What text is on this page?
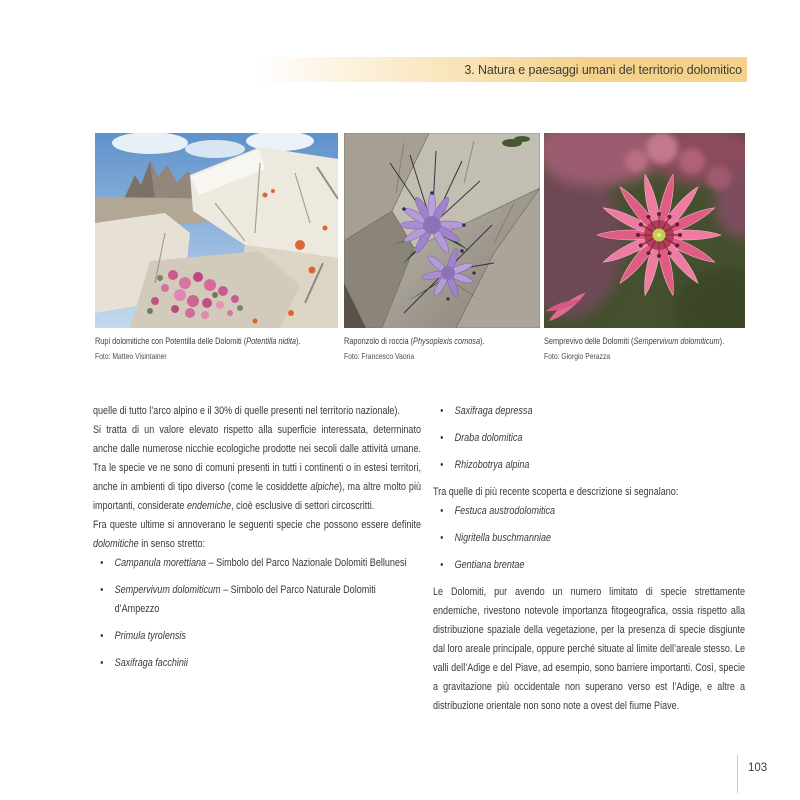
3. Natura e paesaggi umani del territorio dolomitico
Rupi dolomitiche con Potentilla delle Dolomiti (Potentilla nidita).
Foto: Matteo Visintainer
Raponzolo di roccia (Physoplexis comosa).
Foto: Francesco Vaona
Semprevivo delle Dolomiti (Sempervivum dolomiticum).
Foto: Giorgio Perazza

quelle di tutto l’arco alpino e il 30% di quelle presenti nel territorio nazionale).

Si tratta di un valore elevato rispetto alla superficie interessata, determinato anche dalle numerose nicchie ecologiche prodotte nei secoli dalle attività umane. Tra le specie ve ne sono di comuni presenti in tutti i continenti o in estesi territori, anche in ambienti di tipo diverso (come le cosiddette alpiche), ma altre molto più importanti, considerate endemiche, cioè esclusive di settori circoscritti.

Fra queste ultime si annoverano le seguenti specie che possono essere definite dolomitiche in senso stretto:

•	Campanula morettiana – Simbolo del Parco Nazionale Dolomiti Bellunesi
•	Sempervivum dolomiticum – Simbolo del Parco Naturale Dolomiti d’Ampezzo
•	Primula tyrolensis
•	Saxifraga facchinii
•	Saxifraga depressa
•	Draba dolomitica
•	Rhizobotrya alpina

Tra quelle di più recente scoperta e descrizione si segnalano:

•	Festuca austrodolomitica
•	Nigritella buschmanniae
•	Gentiana brentae

Le Dolomiti, pur avendo un numero limitato di specie strettamente endemiche, rivestono notevole importanza fitogeografica, ossia rispetto alla distribuzione spaziale della vegetazione, per la presenza di specie disgiunte dal loro areale principale, oppure perché situate al limite dell’areale stesso. Le valli dell’Adige e del Piave, ad esempio, sono barriere importanti. Così, specie a gravitazione più occidentale non superano verso est l’Adige, e altre a distribuzione orientale non sono note a ovest del fiume Piave.

103
